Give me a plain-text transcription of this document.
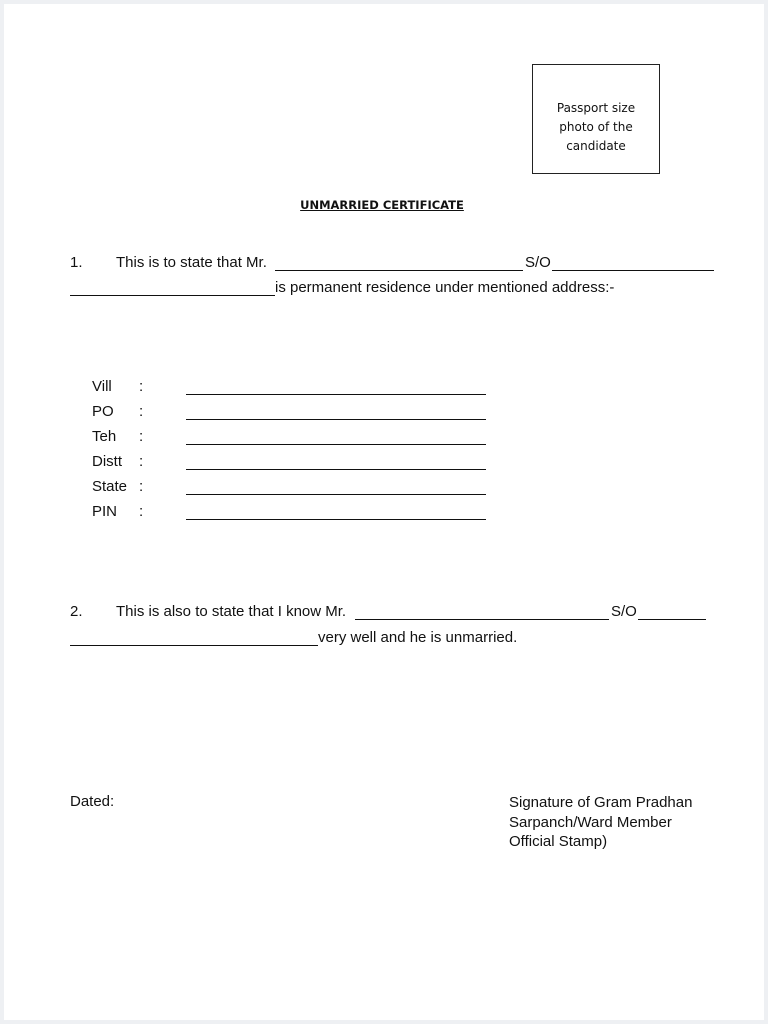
Passport size photo of the candidate
UNMARRIED CERTIFICATE
1. This is to state that Mr.	S/O
is permanent residence under mentioned address:-
Vill :
PO :
Teh :
Distt :
State :
PIN :
2. This is also to state that I know Mr.	S/O
very well and he is unmarried.
Dated:	Signature of Gram Pradhan
Sarpanch/Ward Member
Official Stamp)
